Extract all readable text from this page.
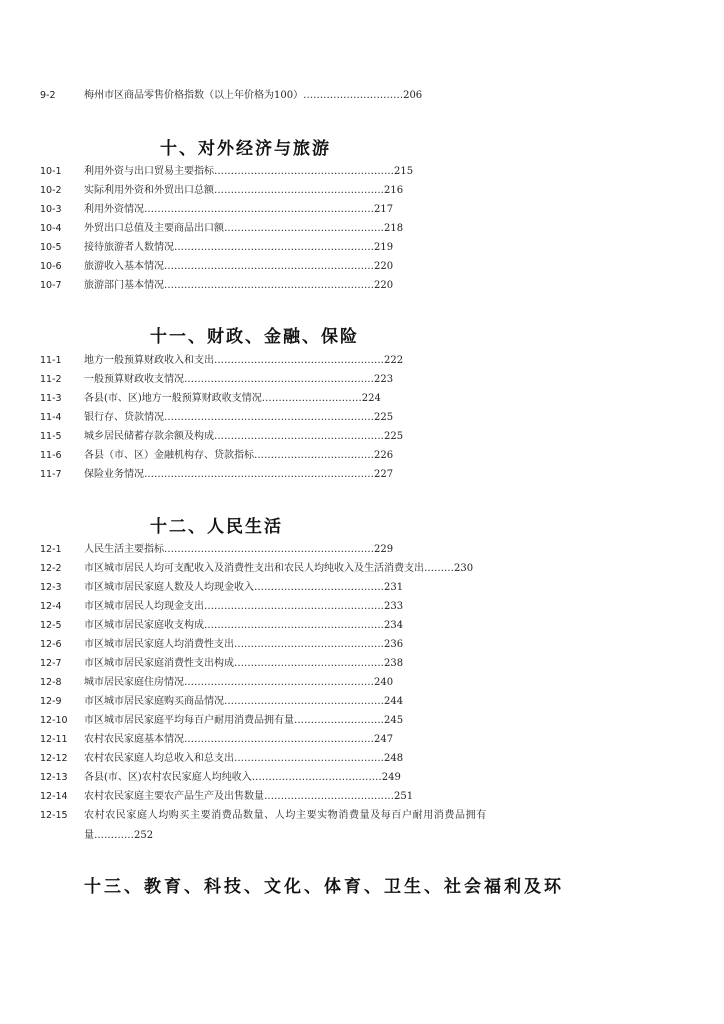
9-2	梅州市区商品零售价格指数（以上年价格为100）…………………………206
十、对外经济与旅游
10-1	利用外资与出口贸易主要指标………………………………………………215
10-2	实际利用外资和外贸出口总额……………………………………………216
10-3	利用外资情况……………………………………………………………217
10-4	外贸出口总值及主要商品出口额…………………………………………218
10-5	接待旅游者人数情况……………………………………………………219
10-6	旅游收入基本情况………………………………………………………220
10-7	旅游部门基本情况………………………………………………………220
十一、财政、金融、保险
11-1	地方一般预算财政收入和支出……………………………………………222
11-2	一般预算财政收支情况…………………………………………………223
11-3	各县(市、区)地方一般预算财政收支情况…………………………224
11-4	银行存、贷款情况………………………………………………………225
11-5	城乡居民储蓄存款余额及构成……………………………………………225
11-6	各县（市、区）金融机构存、贷款指标………………………………226
11-7	保险业务情况……………………………………………………………227
十二、人民生活
12-1	人民生活主要指标………………………………………………………229
12-2	市区城市居民人均可支配收入及消费性支出和农民人均纯收入及生活消费支出………230
12-3	市区城市居民家庭人数及人均现金收入…………………………………231
12-4	市区城市居民人均现金支出………………………………………………233
12-5	市区城市居民家庭收支构成………………………………………………234
12-6	市区城市居民家庭人均消费性支出………………………………………236
12-7	市区城市居民家庭消费性支出构成………………………………………238
12-8	城市居民家庭住房情况…………………………………………………240
12-9	市区城市居民家庭购买商品情况…………………………………………244
12-10	市区城市居民家庭平均每百户耐用消费品拥有量………………………245
12-11	农村农民家庭基本情况…………………………………………………247
12-12	农村农民家庭人均总收入和总支出………………………………………248
12-13	各县(市、区)农村农民家庭人均纯收入…………………………………249
12-14	农村农民家庭主要农产品生产及出售数量…………………………………251
12-15	农村农民家庭人均购买主要消费品数量、人均主要实物消费量及每百户耐用消费品拥有
量…………252
十三、教育、科技、文化、体育、卫生、社会福利及环
